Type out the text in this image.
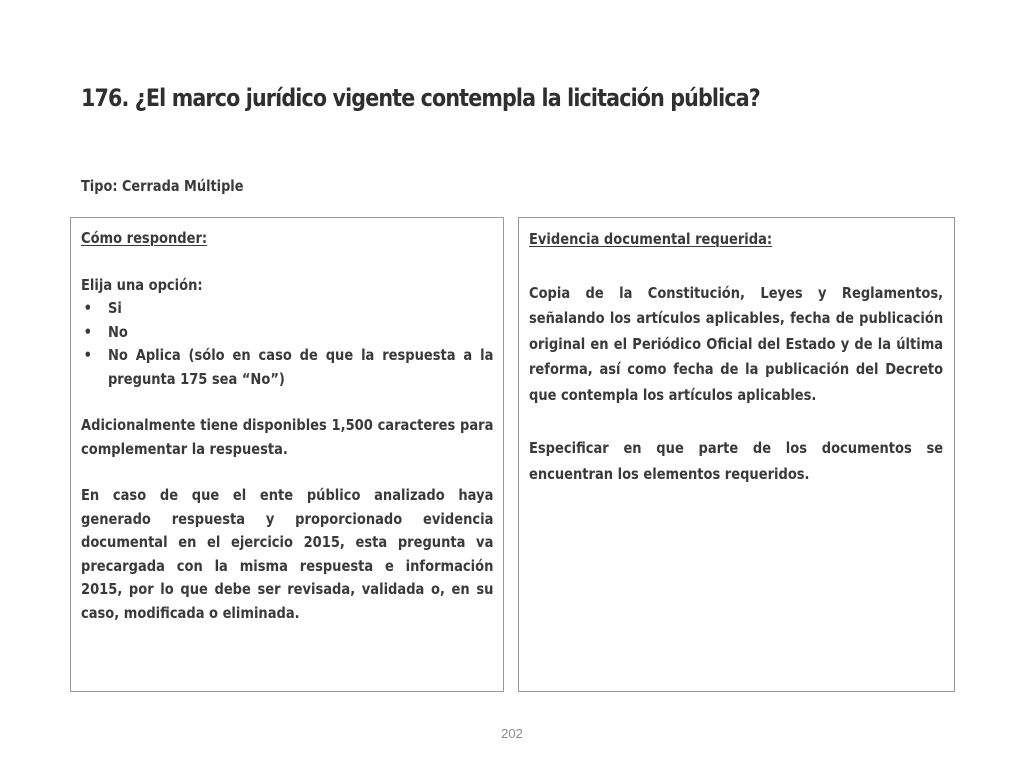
176. ¿El marco jurídico vigente contempla la licitación pública?
Tipo: Cerrada Múltiple
Cómo responder:
Elija una opción:
• Si
• No
• No Aplica (sólo en caso de que la respuesta a la pregunta 175 sea “No”)
Adicionalmente tiene disponibles 1,500 caracteres para complementar la respuesta.
En caso de que el ente público analizado haya generado respuesta y proporcionado evidencia documental en el ejercicio 2015, esta pregunta va precargada con la misma respuesta e información 2015, por lo que debe ser revisada, validada o, en su caso, modificada o eliminada.
Evidencia documental requerida:
Copia de la Constitución, Leyes y Reglamentos, señalando los artículos aplicables, fecha de publicación original en el Periódico Oficial del Estado y de la última reforma, así como fecha de la publicación del Decreto que contempla los artículos aplicables.
Especificar en que parte de los documentos se encuentran los elementos requeridos.
202
